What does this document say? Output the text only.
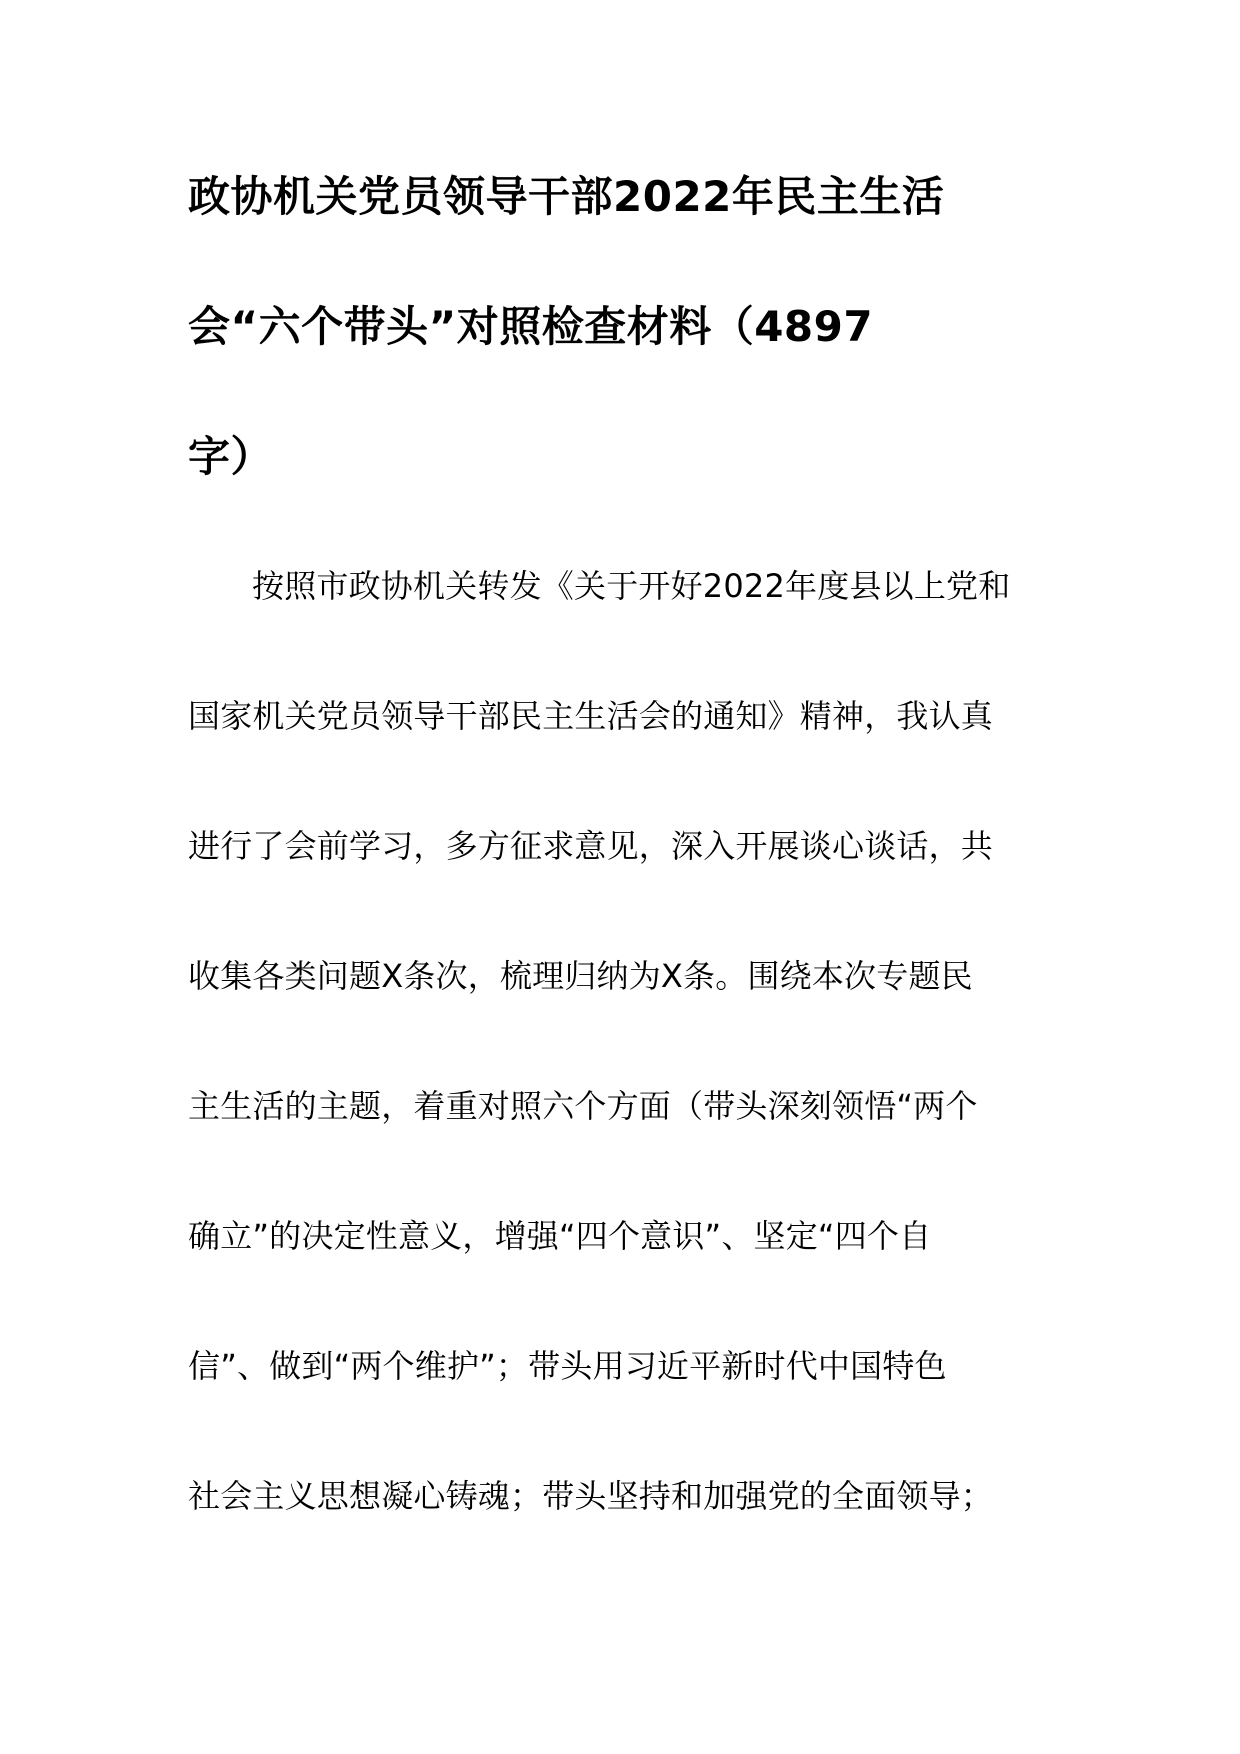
政协机关党员领导干部2022年民主生活
会“六个带头”对照检查材料（4897
字）
按照市政协机关转发《关于开好2022年度县以上党和
国家机关党员领导干部民主生活会的通知》精神，我认真
进行了会前学习，多方征求意见，深入开展谈心谈话，共
收集各类问题X条次，梳理归纳为X条。围绕本次专题民
主生活的主题，着重对照六个方面（带头深刻领悟“两个
确立”的决定性意义，增强“四个意识”、坚定“四个自
信”、做到“两个维护”；带头用习近平新时代中国特色
社会主义思想凝心铸魂；带头坚持和加强党的全面领导；
